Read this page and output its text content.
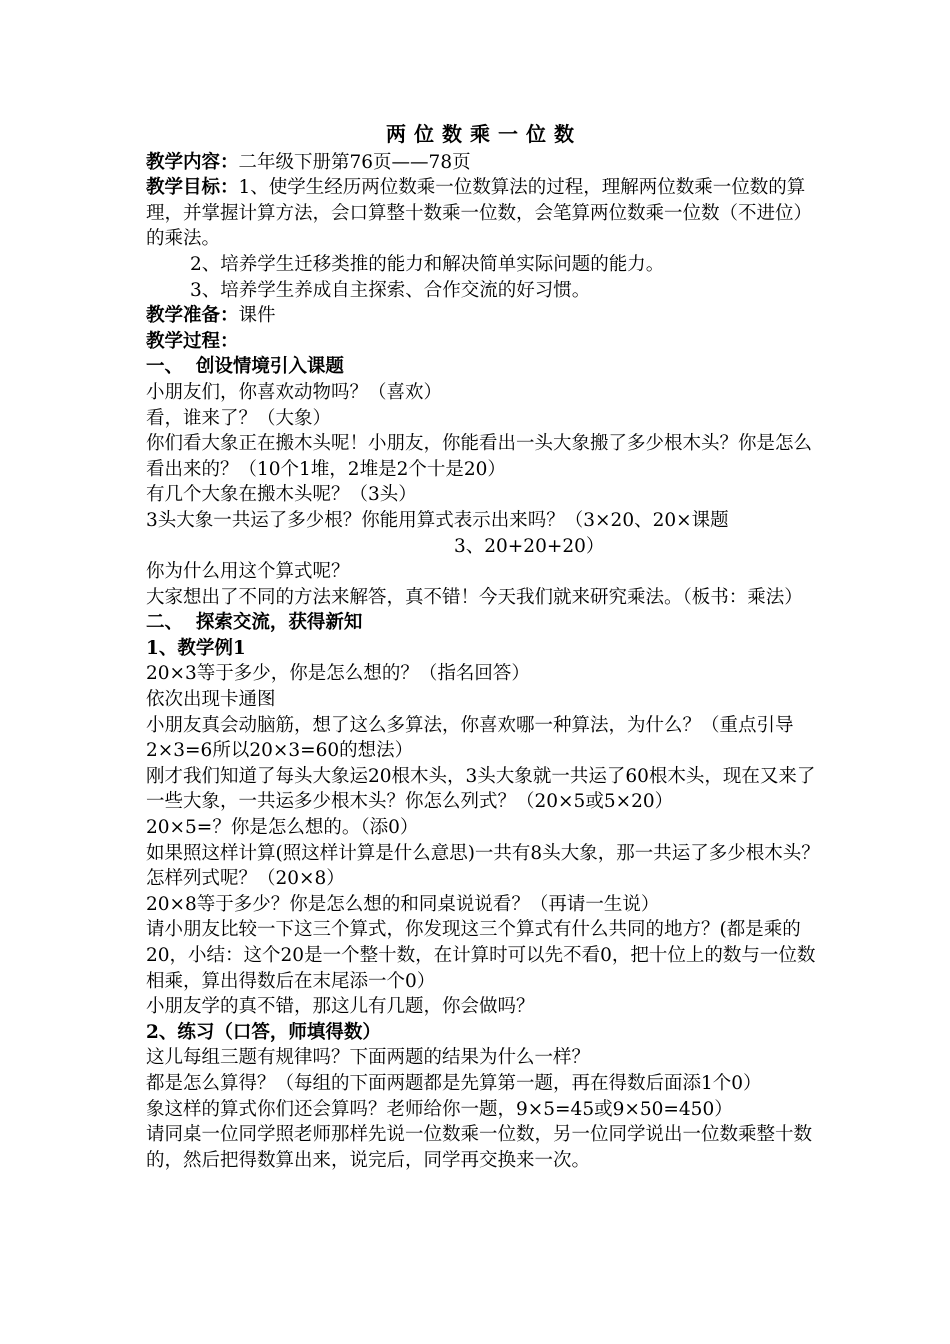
两位数乘一位数

教学内容：二年级下册第76页——78页

教学目标：1、使学生经历两位数乘一位数算法的过程，理解两位数乘一位数的算理，并掌握计算方法，会口算整十数乘一位数，会笔算两位数乘一位数（不进位）的乘法。

2、培养学生迁移类推的能力和解决简单实际问题的能力。

3、培养学生养成自主探索、合作交流的好习惯。

教学准备：课件

教学过程：

一、  创设情境引入课题

小朋友们，你喜欢动物吗？（喜欢）

看，谁来了？（大象）

你们看大象正在搬木头呢！小朋友，你能看出一头大象搬了多少根木头？你是怎么看出来的？（10个1堆，2堆是2个十是20）

有几个大象在搬木头呢？（3头）

3头大象一共运了多少根？你能用算式表示出来吗？（3×20、20×课题

3、20+20+20）

你为什么用这个算式呢？

大家想出了不同的方法来解答，真不错！今天我们就来研究乘法。（板书：乘法）

二、  探索交流，获得新知

1、教学例1

20×3等于多少，你是怎么想的？（指名回答）

依次出现卡通图

小朋友真会动脑筋，想了这么多算法，你喜欢哪一种算法，为什么？（重点引导2×3=6所以20×3=60的想法）

刚才我们知道了每头大象运20根木头，3头大象就一共运了60根木头，现在又来了一些大象，一共运多少根木头？你怎么列式？（20×5或5×20）

20×5=？你是怎么想的。（添0）

如果照这样计算(照这样计算是什么意思)一共有8头大象，那一共运了多少根木头？怎样列式呢？（20×8）

20×8等于多少？你是怎么想的和同桌说说看？（再请一生说）

请小朋友比较一下这三个算式，你发现这三个算式有什么共同的地方？(都是乘的20，小结：这个20是一个整十数，在计算时可以先不看0，把十位上的数与一位数相乘，算出得数后在末尾添一个0）

小朋友学的真不错，那这儿有几题，你会做吗？

2、练习（口答，师填得数）

这儿每组三题有规律吗？下面两题的结果为什么一样？

都是怎么算得？（每组的下面两题都是先算第一题，再在得数后面添1个0）

象这样的算式你们还会算吗？老师给你一题，9×5=45或9×50=450）

请同桌一位同学照老师那样先说一位数乘一位数，另一位同学说出一位数乘整十数的，然后把得数算出来，说完后，同学再交换来一次。
